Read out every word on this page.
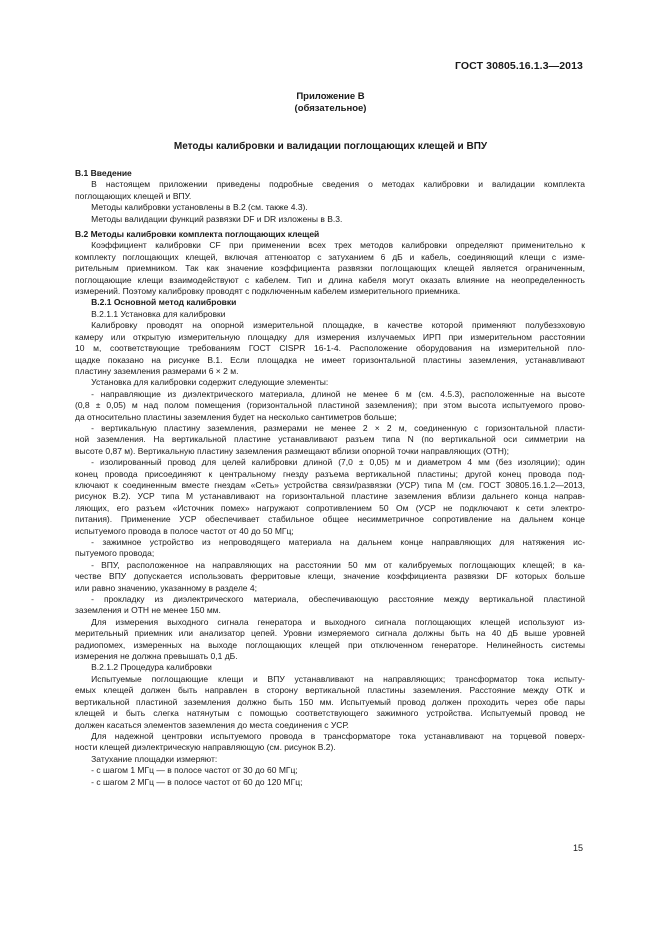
ГОСТ 30805.16.1.3—2013
Приложение В
(обязательное)
Методы калибровки и валидации поглощающих клещей и ВПУ
В.1 Введение
В настоящем приложении приведены подробные сведения о методах калибровки и валидации комплекта
поглощающих клещей и ВПУ.
Методы калибровки установлены в В.2 (см. также 4.3).
Методы валидации функций развязки DF и DR изложены в В.3.
В.2 Методы калибровки комплекта поглощающих клещей
Коэффициент калибровки CF при применении всех трех методов калибровки определяют применительно к
комплекту поглощающих клещей, включая аттенюатор с затуханием 6 дБ и кабель, соединяющий клещи с изме-
рительным приемником. Так как значение коэффициента развязки поглощающих клещей является ограниченным,
поглощающие клещи взаимодействуют с кабелем. Тип и длина кабеля могут оказать влияние на неопределенность
измерений. Поэтому калибровку проводят с подключенным кабелем измерительного приемника.
В.2.1 Основной метод калибровки
В.2.1.1 Установка для калибровки
Калибровку проводят на опорной измерительной площадке, в качестве которой применяют полубезэховую
камеру или открытую измерительную площадку для измерения излучаемых ИРП при измерительном расстоянии
10 м, соответствующие требованиям ГОСТ CISPR 16-1-4. Расположение оборудования на измерительной пло-
щадке показано на рисунке В.1. Если площадка не имеет горизонтальной пластины заземления, устанавливают
пластину заземления размерами 6 × 2 м.
Установка для калибровки содержит следующие элементы:
- направляющие из диэлектрического материала, длиной не менее 6 м (см. 4.5.3), расположенные на высоте
(0,8 ± 0,05) м над полом помещения (горизонтальной пластиной заземления); при этом высота испытуемого прово-
да относительно пластины заземления будет на несколько сантиметров больше;
- вертикальную пластину заземления, размерами не менее 2 × 2 м, соединенную с горизонтальной пласти-
ной заземления. На вертикальной пластине устанавливают разъем типа N (по вертикальной оси симметрии на
высоте 0,87 м). Вертикальную пластину заземления размещают вблизи опорной точки направляющих (ОТН);
- изолированный провод для целей калибровки длиной (7,0 ± 0,05) м и диаметром 4 мм (без изоляции); один
конец провода присоединяют к центральному гнезду разъема вертикальной пластины; другой конец провода под-
ключают к соединенным вместе гнездам «Сеть» устройства связи/развязки (УСР) типа М (см. ГОСТ 30805.16.1.2—2013,
рисунок В.2). УСР типа М устанавливают на горизонтальной пластине заземления вблизи дальнего конца направ-
ляющих, его разъем «Источник помех» нагружают сопротивлением 50 Ом (УСР не подключают к сети электро-
питания). Применение УСР обеспечивает стабильное общее несимметричное сопротивление на дальнем конце
испытуемого провода в полосе частот от 40 до 50 МГц;
- зажимное устройство из непроводящего материала на дальнем конце направляющих для натяжения ис-
пытуемого провода;
- ВПУ, расположенное на направляющих на расстоянии 50 мм от калибруемых поглощающих клещей; в ка-
честве ВПУ допускается использовать ферритовые клещи, значение коэффициента развязки DF которых больше
или равно значению, указанному в разделе 4;
- прокладку из диэлектрического материала, обеспечивающую расстояние между вертикальной пластиной
заземления и ОТН не менее 150 мм.
Для измерения выходного сигнала генератора и выходного сигнала поглощающих клещей используют из-
мерительный приемник или анализатор цепей. Уровни измеряемого сигнала должны быть на 40 дБ выше уровней
радиопомех, измеренных на выходе поглощающих клещей при отключенном генераторе. Нелинейность системы
измерения не должна превышать 0,1 дБ.
В.2.1.2 Процедура калибровки
Испытуемые поглощающие клещи и ВПУ устанавливают на направляющих; трансформатор тока испыту-
емых клещей должен быть направлен в сторону вертикальной пластины заземления. Расстояние между ОТК и
вертикальной пластиной заземления должно быть 150 мм. Испытуемый провод должен проходить через обе пары
клещей и быть слегка натянутым с помощью соответствующего зажимного устройства. Испытуемый провод не
должен касаться элементов заземления до места соединения с УСР.
Для надежной центровки испытуемого провода в трансформаторе тока устанавливают на торцевой поверх-
ности клещей диэлектрическую направляющую (см. рисунок В.2).
Затухание площадки измеряют:
- с шагом 1 МГц — в полосе частот от 30 до 60 МГц;
- с шагом 2 МГц — в полосе частот от 60 до 120 МГц;
15
